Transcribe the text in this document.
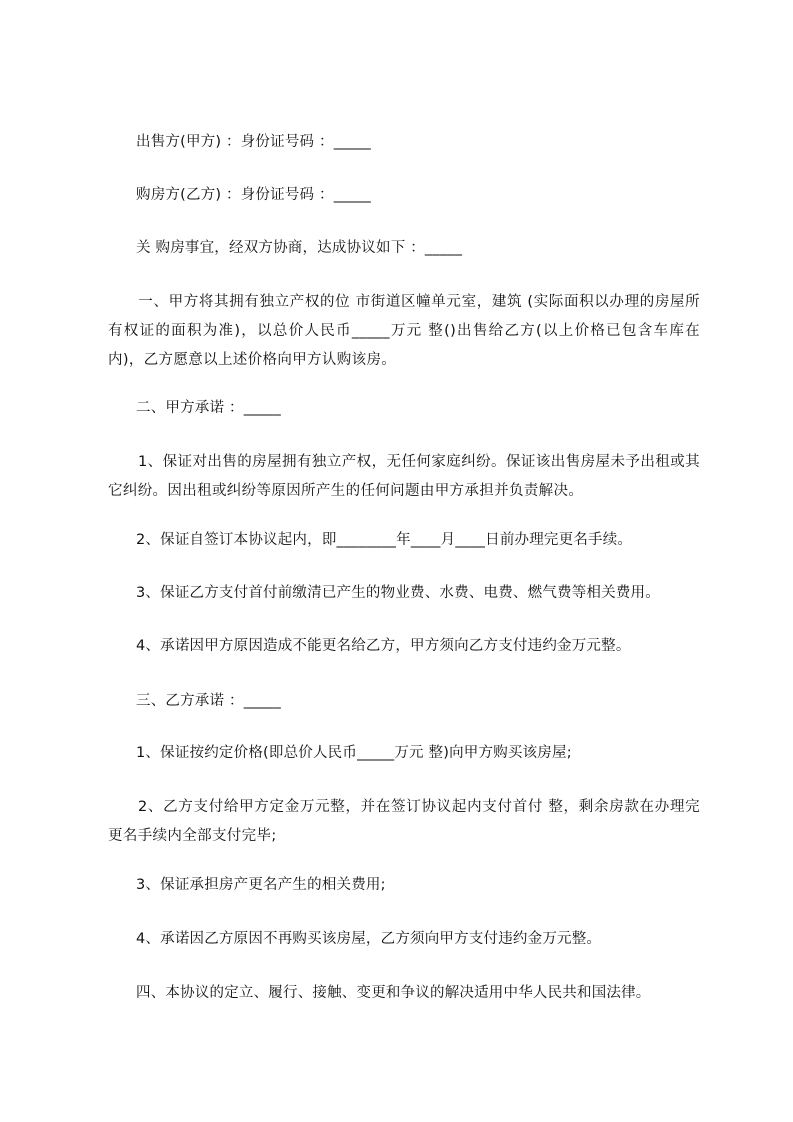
出售方(甲方) ：身份证号码 ：_____
购房方(乙方) ：身份证号码 ：_____
关 购房事宜，经双方协商，达成协议如下 ：_____
一、甲方将其拥有独立产权的位 市街道区幢单元室，建筑 (实际面积以办理的房屋所有权证的面积为准)，以总价人民币_____万元 整()出售给乙方(以上价格已包含车库在内)，乙方愿意以上述价格向甲方认购该房。
二、甲方承诺 ：_____
1、保证对出售的房屋拥有独立产权，无任何家庭纠纷。保证该出售房屋未予出租或其它纠纷。因出租或纠纷等原因所产生的任何问题由甲方承担并负责解决。
2、保证自签订本协议起内，即________年____月____日前办理完更名手续。
3、保证乙方支付首付前缴清已产生的物业费、水费、电费、燃气费等相关费用。
4、承诺因甲方原因造成不能更名给乙方，甲方须向乙方支付违约金万元整。
三、乙方承诺 ：_____
1、保证按约定价格(即总价人民币_____万元 整)向甲方购买该房屋;
2、乙方支付给甲方定金万元整，并在签订协议起内支付首付 整，剩余房款在办理完更名手续内全部支付完毕;
3、保证承担房产更名产生的相关费用;
4、承诺因乙方原因不再购买该房屋，乙方须向甲方支付违约金万元整。
四、本协议的定立、履行、接触、变更和争议的解决适用中华人民共和国法律。
